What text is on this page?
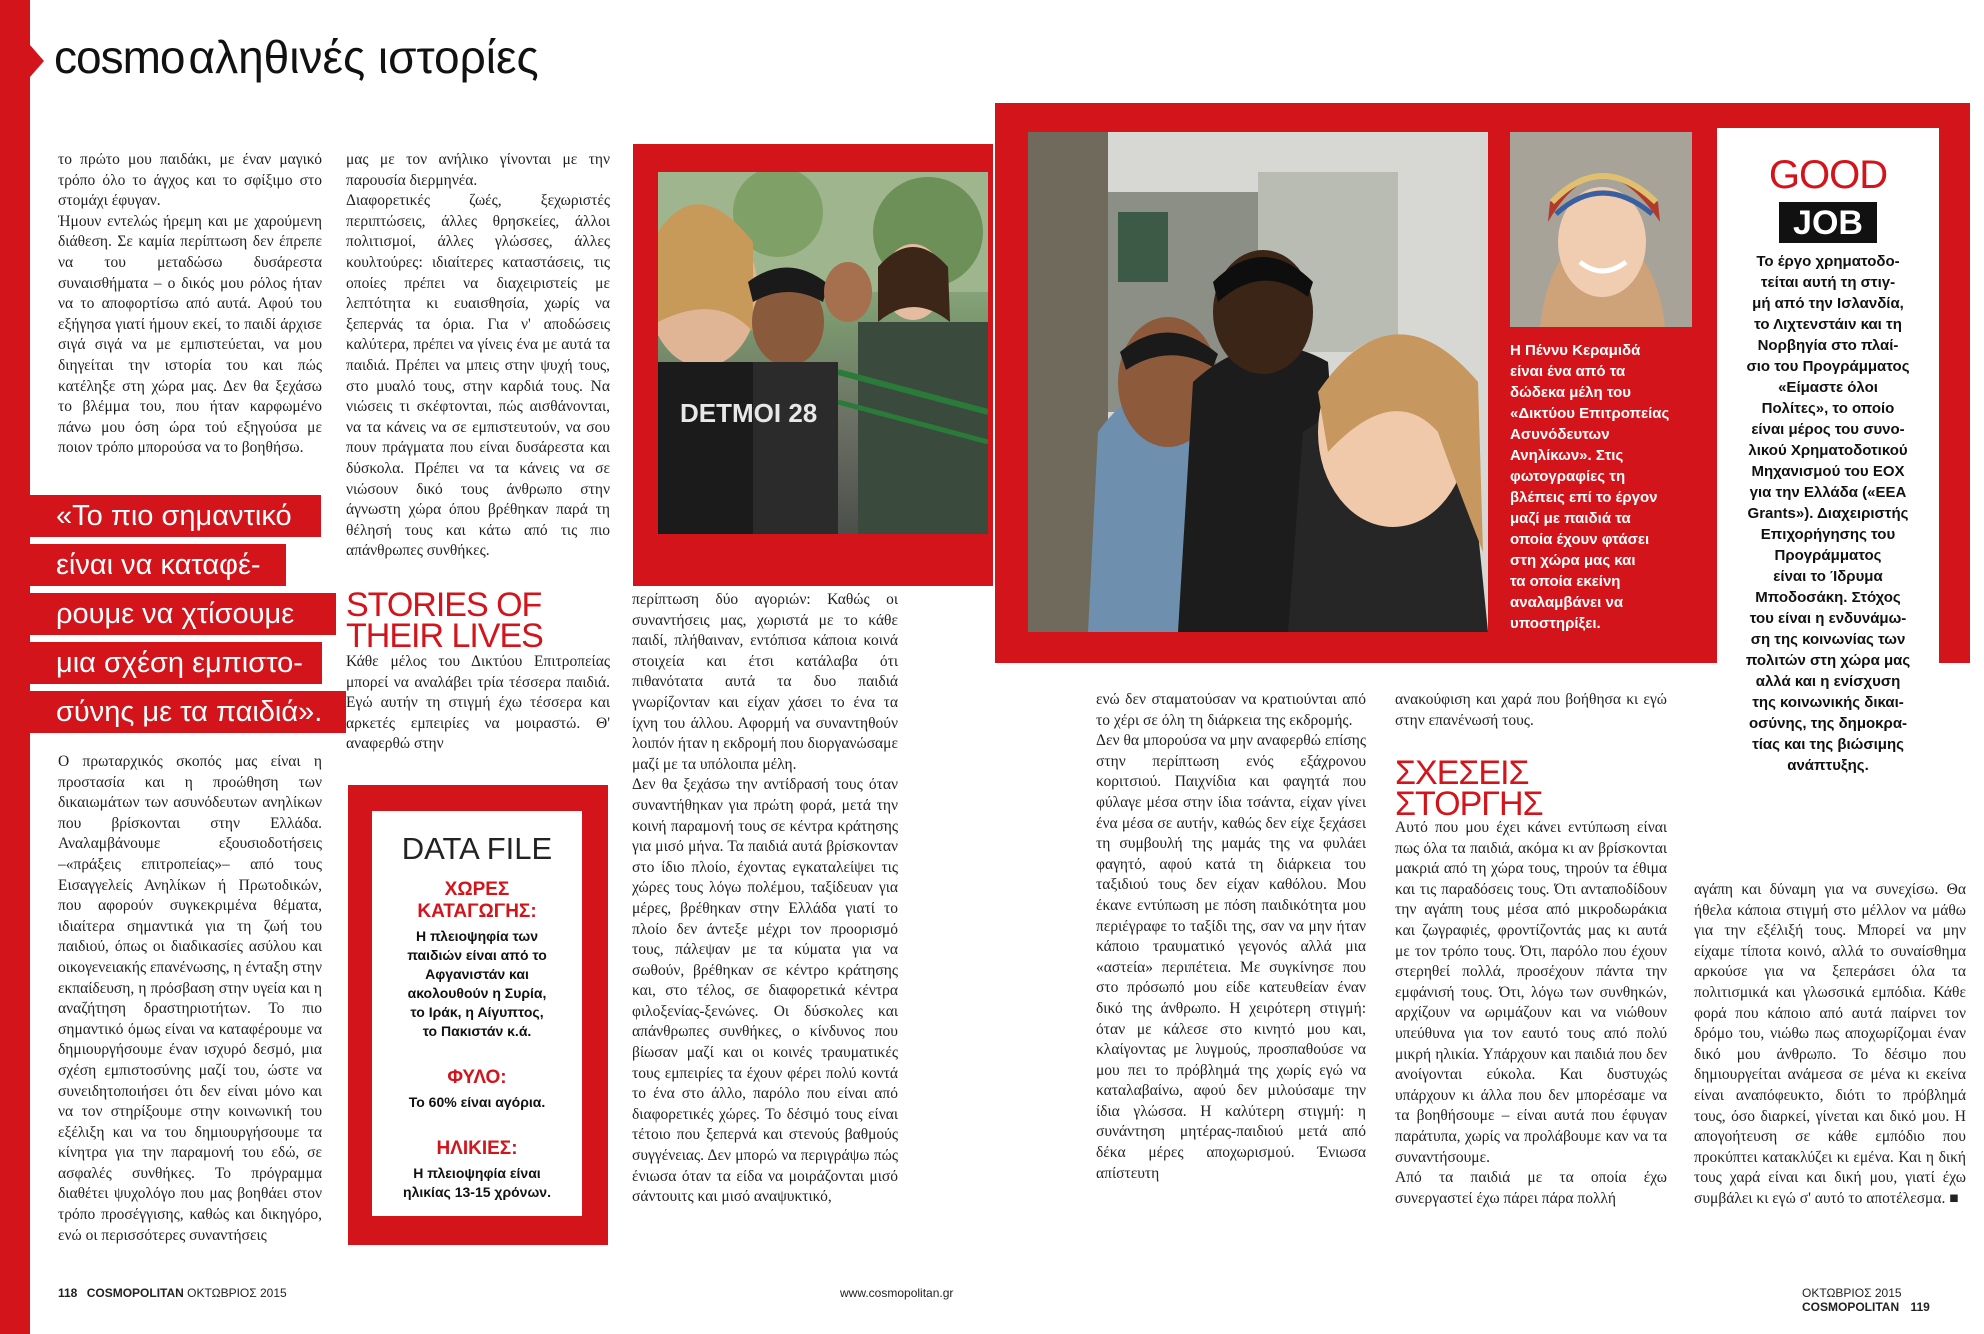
cosmo αληθινές ιστορίες
το πρώτο μου παιδάκι, με έναν μαγικό τρόπο όλο το άγχος και το σφίξιμο στο στομάχι έφυγαν.
Ήμουν εντελώς ήρεμη και με χαρούμενη διάθεση. Σε καμία περίπτωση δεν έπρεπε να του μεταδώσω δυσάρεστα συναισθήματα – ο δικός μου ρόλος ήταν να το αποφορτίσω από αυτά. Αφού του εξήγησα γιατί ήμουν εκεί, το παιδί άρχισε σιγά σιγά να με εμπιστεύεται, να μου διηγείται την ιστορία του και πώς κατέληξε στη χώρα μας. Δεν θα ξεχάσω το βλέμμα του, που ήταν καρφωμένο πάνω μου όση ώρα τού εξηγούσα με ποιον τρόπο μπορούσα να το βοηθήσω.
«Το πιο σημαντικό
είναι να καταφέ-
ρουμε να χτίσουμε
μια σχέση εμπιστο-
σύνης με τα παιδιά».
Ο πρωταρχικός σκοπός μας είναι η προστασία και η προώθηση των δικαιωμάτων των ασυνόδευτων ανηλίκων που βρίσκονται στην Ελλάδα. Αναλαμβάνουμε εξουσιοδοτήσεις –«πράξεις επιτροπείας»– από τους Εισαγγελείς Ανηλίκων ή Πρωτοδικών, που αφορούν συγκεκριμένα θέματα, ιδιαίτερα σημαντικά για τη ζωή του παιδιού, όπως οι διαδικασίες ασύλου και οικογενειακής επανένωσης, η ένταξη στην εκπαίδευση, η πρόσβαση στην υγεία και η αναζήτηση δραστηριοτήτων. Το πιο σημαντικό όμως είναι να καταφέρουμε να δημιουργήσουμε έναν ισχυρό δεσμό, μια σχέση εμπιστοσύνης μαζί του, ώστε να συνειδητοποιήσει ότι δεν είναι μόνο και να τον στηρίξουμε στην κοινωνική του εξέλιξη και να του δημιουργήσουμε τα κίνητρα για την παραμονή του εδώ, σε ασφαλές συνθήκες. Το πρόγραμμα διαθέτει ψυχολόγο που μας βοηθάει στον τρόπο προσέγγισης, καθώς και δικηγόρο, ενώ οι περισσότερες συναντήσεις
μας με τον ανήλικο γίνονται με την παρουσία διερμηνέα.
Διαφορετικές ζωές, ξεχωριστές περιπτώσεις, άλλες θρησκείες, άλλοι πολιτισμοί, άλλες γλώσσες, άλλες κουλτούρες: ιδιαίτερες καταστάσεις, τις οποίες πρέπει να διαχειριστείς με λεπτότητα κι ευαισθησία, χωρίς να ξεπερνάς τα όρια. Για ν' αποδώσεις καλύτερα, πρέπει να γίνεις ένα με αυτά τα παιδιά. Πρέπει να μπεις στην ψυχή τους, στο μυαλό τους, στην καρδιά τους. Να νιώσεις τι σκέφτονται, πώς αισθάνονται, να τα κάνεις να σε εμπιστευτούν, να σου πουν πράγματα που είναι δυσάρεστα και δύσκολα. Πρέπει να τα κάνεις να σε νιώσουν δικό τους άνθρωπο στην άγνωστη χώρα όπου βρέθηκαν παρά τη θέλησή τους και κάτω από τις πιο απάνθρωπες συνθήκες.
STORIES OF
THEIR LIVES
Κάθε μέλος του Δικτύου Επιτροπείας μπορεί να αναλάβει τρία τέσσερα παιδιά. Εγώ αυτήν τη στιγμή έχω τέσσερα και αρκετές εμπειρίες να μοιραστώ. Θ' αναφερθώ στην
DATA FILE
ΧΩΡΕΣ
ΚΑΤΑΓΩΓΗΣ:
Η πλειοψηφία των
παιδιών είναι από το
Αφγανιστάν και
ακολουθούν η Συρία,
το Ιράκ, η Αίγυπτος,
το Πακιστάν κ.ά.
ΦΥΛΟ:
Το 60% είναι αγόρια.
ΗΛΙΚΙΕΣ:
Η πλειοψηφία είναι
ηλικίας 13-15 χρόνων.
DETMOI 28
Η Πέννυ Κεραμιδά
είναι ένα από τα
δώδεκα μέλη του
«Δικτύου Επιτροπείας
Ασυνόδευτων
Ανηλίκων». Στις
φωτογραφίες τη
βλέπεις επί το έργον
μαζί με παιδιά τα
οποία έχουν φτάσει
στη χώρα μας και
τα οποία εκείνη
αναλαμβάνει να
υποστηρίξει.
GOOD
JOB
Το έργο χρηματοδο-
τείται αυτή τη στιγ-
μή από την Ισλανδία,
το Λιχτενστάιν και τη
Νορβηγία στο πλαί-
σιο του Προγράμματος
«Είμαστε όλοι
Πολίτες», το οποίο
είναι μέρος του συνο-
λικού Χρηματοδοτικού
Μηχανισμού του ΕΟΧ
για την Ελλάδα («ΕΕΑ
Grants»). Διαχειριστής
Επιχορήγησης του
Προγράμματος
είναι το Ίδρυμα
Μποδοσάκη. Στόχος
του είναι η ενδυνάμω-
ση της κοινωνίας των
πολιτών στη χώρα μας
αλλά και η ενίσχυση
της κοινωνικής δικαι-
οσύνης, της δημοκρα-
τίας και της βιώσιμης
ανάπτυξης.
ενώ δεν σταματούσαν να κρατιούνται από το χέρι σε όλη τη διάρκεια της εκδρομής.
Δεν θα μπορούσα να μην αναφερθώ επίσης στην περίπτωση ενός εξάχρονου κοριτσιού. Παιχνίδια και φαγητά που φύλαγε μέσα στην ίδια τσάντα, είχαν γίνει ένα μέσα σε αυτήν, καθώς δεν είχε ξεχάσει τη συμβουλή της μαμάς της να φυλάει φαγητό, αφού κατά τη διάρκεια του ταξιδιού τους δεν είχαν καθόλου. Μου έκανε εντύπωση με πόση παιδικότητα μου περιέγραφε το ταξίδι της, σαν να μην ήταν κάποιο τραυματικό γεγονός αλλά μια «αστεία» περιπέτεια. Με συγκίνησε που στο πρόσωπό μου είδε κατευθείαν έναν δικό της άνθρωπο. Η χειρότερη στιγμή: όταν με κάλεσε στο κινητό μου και, κλαίγοντας με λυγμούς, προσπαθούσε να μου πει το πρόβλημά της χωρίς εγώ να καταλαβαίνω, αφού δεν μιλούσαμε την ίδια γλώσσα. Η καλύτερη στιγμή: η συνάντηση μητέρας-παιδιού μετά από δέκα μέρες αποχωρισμού. Ένιωσα απίστευτη
περίπτωση δύο αγοριών: Καθώς οι συναντήσεις μας, χωριστά με το κάθε παιδί, πλήθαιναν, εντόπισα κάποια κοινά στοιχεία και έτσι κατάλαβα ότι πιθανότατα αυτά τα δυο παιδιά γνωρίζονταν και είχαν χάσει το ένα τα ίχνη του άλλου. Αφορμή να συναντηθούν λοιπόν ήταν η εκδρομή που διοργανώσαμε μαζί με τα υπόλοιπα μέλη.
Δεν θα ξεχάσω την αντίδρασή τους όταν συναντήθηκαν για πρώτη φορά, μετά την κοινή παραμονή τους σε κέντρα κράτησης για μισό μήνα. Τα παιδιά αυτά βρίσκονταν στο ίδιο πλοίο, έχοντας εγκαταλείψει τις χώρες τους λόγω πολέμου, ταξίδευαν για μέρες, βρέθηκαν στην Ελλάδα γιατί το πλοίο δεν άντεξε μέχρι τον προορισμό τους, πάλεψαν με τα κύματα για να σωθούν, βρέθηκαν σε κέντρο κράτησης και, στο τέλος, σε διαφορετικά κέντρα φιλοξενίας-ξενώνες. Οι δύσκολες και απάνθρωπες συνθήκες, ο κίνδυνος που βίωσαν μαζί και οι κοινές τραυματικές τους εμπειρίες τα έχουν φέρει πολύ κοντά το ένα στο άλλο, παρόλο που είναι από διαφορετικές χώρες. Το δέσιμό τους είναι τέτοιο που ξεπερνά και στενούς βαθμούς συγγένειας. Δεν μπορώ να περιγράψω πώς ένιωσα όταν τα είδα να μοιράζονται μισό σάντουιτς και μισό αναψυκτικό,
ανακούφιση και χαρά που βοήθησα κι εγώ στην επανένωσή τους.
ΣΧΕΣΕΙΣ
ΣΤΟΡΓΗΣ
Αυτό που μου έχει κάνει εντύπωση είναι πως όλα τα παιδιά, ακόμα κι αν βρίσκονται μακριά από τη χώρα τους, τηρούν τα έθιμα και τις παραδόσεις τους. Ότι ανταποδίδουν την αγάπη τους μέσα από μικροδωράκια και ζωγραφιές, φροντίζοντάς μας κι αυτά με τον τρόπο τους. Ότι, παρόλο που έχουν στερηθεί πολλά, προσέχουν πάντα την εμφάνισή τους. Ότι, λόγω των συνθηκών, αρχίζουν να ωριμάζουν και να νιώθουν υπεύθυνα για τον εαυτό τους από πολύ μικρή ηλικία. Υπάρχουν και παιδιά που δεν ανοίγονται εύκολα. Και δυστυχώς υπάρχουν κι άλλα που δεν μπορέσαμε να τα βοηθήσουμε – είναι αυτά που έφυγαν παράτυπα, χωρίς να προλάβουμε καν να τα συναντήσουμε.
Από τα παιδιά με τα οποία έχω συνεργαστεί έχω πάρει πάρα πολλή
αγάπη και δύναμη για να συνεχίσω. Θα ήθελα κάποια στιγμή στο μέλλον να μάθω για την εξέλιξή τους. Μπορεί να μην είχαμε τίποτα κοινό, αλλά το συναίσθημα αρκούσε για να ξεπεράσει όλα τα πολιτισμικά και γλωσσικά εμπόδια. Κάθε φορά που κάποιο από αυτά παίρνει τον δρόμο του, νιώθω πως αποχωρίζομαι έναν δικό μου άνθρωπο. Το δέσιμο που δημιουργείται ανάμεσα σε μένα κι εκείνα είναι αναπόφευκτο, διότι το πρόβλημά τους, όσο διαρκεί, γίνεται και δικό μου. Η απογοήτευση σε κάθε εμπόδιο που προκύπτει κατακλύζει κι εμένα. Και η δική τους χαρά είναι και δική μου, γιατί έχω συμβάλει κι εγώ σ' αυτό το αποτέλεσμα. ■
118 COSMOPOLITAN ΟΚΤΩΒΡΙΟΣ 2015	www.cosmopolitan.gr	ΟΚΤΩΒΡΙΟΣ 2015 COSMOPOLITAN 119
